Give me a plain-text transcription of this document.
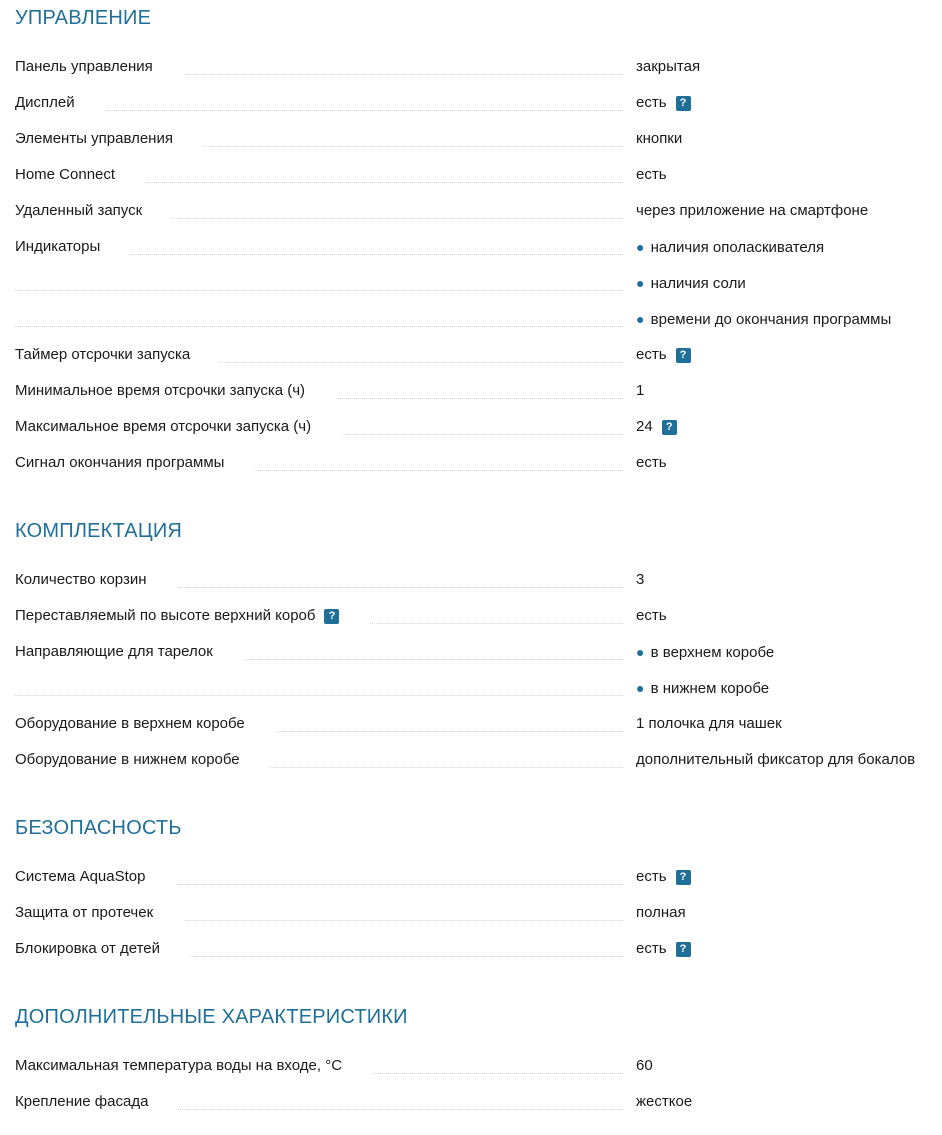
УПРАВЛЕНИЕ
Панель управления	закрытая
Дисплей	есть ?
Элементы управления	кнопки
Home Connect	есть
Удаленный запуск	через приложение на смартфоне
Индикаторы	● наличия ополаскивателя
● наличия соли
● времени до окончания программы
Таймер отсрочки запуска	есть ?
Минимальное время отсрочки запуска (ч)	1
Максимальное время отсрочки запуска (ч)	24 ?
Сигнал окончания программы	есть
КОМПЛЕКТАЦИЯ
Количество корзин	3
Переставляемый по высоте верхний короб ?	есть
Направляющие для тарелок	● в верхнем коробе
● в нижнем коробе
Оборудование в верхнем коробе	1 полочка для чашек
Оборудование в нижнем коробе	дополнительный фиксатор для бокалов
БЕЗОПАСНОСТЬ
Система AquaStop	есть ?
Защита от протечек	полная
Блокировка от детей	есть ?
ДОПОЛНИТЕЛЬНЫЕ ХАРАКТЕРИСТИКИ
Максимальная температура воды на входе, °C	60
Крепление фасада	жесткое
